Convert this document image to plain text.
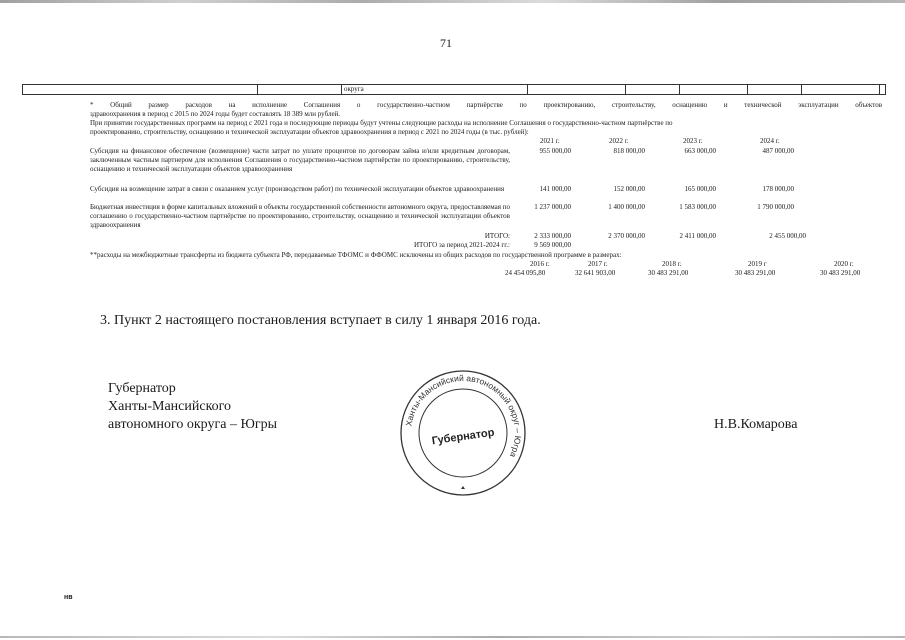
71
округа
* Общий размер расходов на исполнение Соглашения о государственно-частном партнёрстве по проектированию, строительству, оснащению и технической эксплуатации объектов
здравоохранения в период с 2015 по 2024 годы будет составлять 18 389 млн рублей.
При принятии государственных программ на период с 2021 года и последующие периоды будут учтены следующие расходы на исполнение Соглашения о государственно-частном партнёрстве по
проектированию, строительству, оснащению и технической эксплуатации объектов здравоохранения в период с 2021 по 2024 годы (в тыс. рублей):
2021 г.	2022 г.	2023 г.	2024 г.
Субсидия на финансовое обеспечение (возмещение) части затрат по уплате процентов по договорам займа и/или кредитным договорам, заключенным частным партнером для исполнения Соглашения о государственно-частном партнёрстве по проектированию, строительству, оснащению и технической эксплуатации объектов здравоохранения
955 000,00	818 000,00	663 000,00	487 000,00
Субсидия на возмещение затрат в связи с оказанием услуг (производством работ) по технической эксплуатации объектов здравоохранения	141 000,00	152 000,00	165 000,00	178 000,00
Бюджетная инвестиция в форме капитальных вложений в объекты государственной собственности автономного округа, предоставляемая по соглашению о государственно-частном партнёрстве по проектированию, строительству, оснащению и технической эксплуатации объектов здравоохранения
1 237 000,00	1 400 000,00	1 583 000,00	1 790 000,00
ИТОГО:	2 333 000,00	2 370 000,00	2 411 000,00	2 455 000,00
ИТОГО за период 2021-2024 гг.:	9 569 000,00
**расходы на межбюджетные трансферты из бюджета субъекта РФ, передаваемые ТФОМС и ФФОМС исключены из общих расходов по государственной программе в размерах:
2016 г.	2017 г.	2018 г.	2019 г	2020 г.
24 454 095,80	32 641 903,00	30 483 291,00	30 483 291,00	30 483 291,00
3. Пункт 2 настоящего постановления вступает в силу 1 января 2016 года.
Губернатор
Ханты-Мансийского
автономного округа – Югры	Н.В.Комарова
Ханты-Мансийский автономный округ – Югра
Губернатор
нв
